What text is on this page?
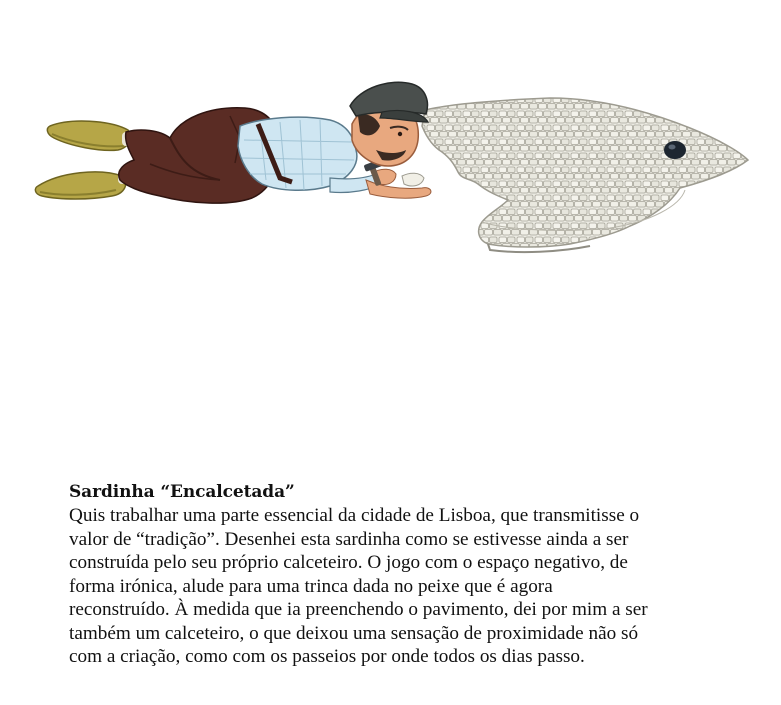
Sardinha “Encalcetada”

Quis trabalhar uma parte essencial da cidade de Lisboa, que transmitisse o
valor de “tradição”. Desenhei esta sardinha como se estivesse ainda a ser
construída pelo seu próprio calceteiro. O jogo com o espaço negativo, de
forma irónica, alude para uma trinca dada no peixe que é agora
reconstruído. À medida que ia preenchendo o pavimento, dei por mim a ser
também um calceteiro, o que deixou uma sensação de proximidade não só
com a criação, como com os passeios por onde todos os dias passo.
